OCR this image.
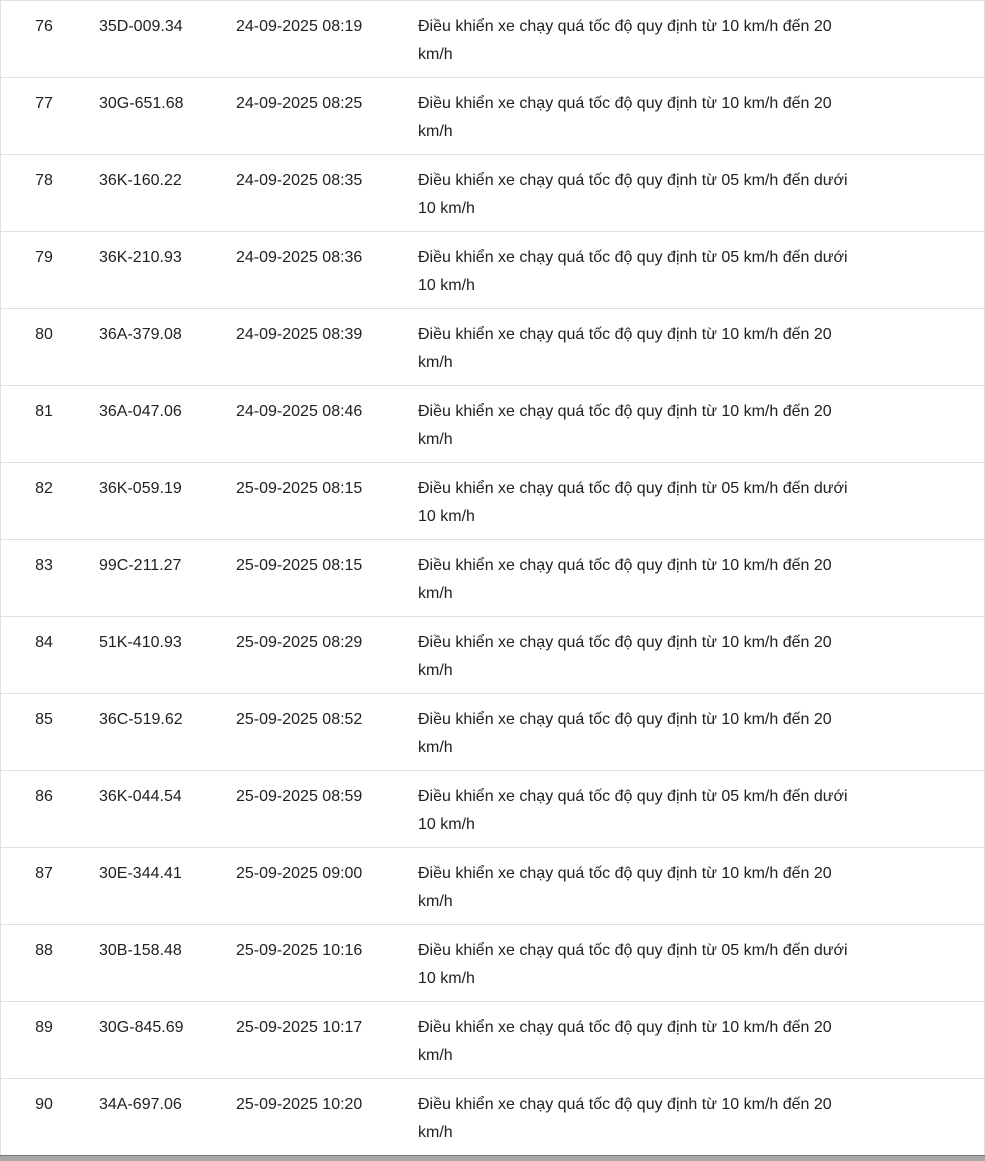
76	35D-009.34	24-09-2025 08:19	Điều khiển xe chạy quá tốc độ quy định từ 10 km/h đến 20
km/h

77	30G-651.68	24-09-2025 08:25	Điều khiển xe chạy quá tốc độ quy định từ 10 km/h đến 20
km/h

78	36K-160.22	24-09-2025 08:35	Điều khiển xe chạy quá tốc độ quy định từ 05 km/h đến dưới
10 km/h

79	36K-210.93	24-09-2025 08:36	Điều khiển xe chạy quá tốc độ quy định từ 05 km/h đến dưới
10 km/h

80	36A-379.08	24-09-2025 08:39	Điều khiển xe chạy quá tốc độ quy định từ 10 km/h đến 20
km/h

81	36A-047.06	24-09-2025 08:46	Điều khiển xe chạy quá tốc độ quy định từ 10 km/h đến 20
km/h

82	36K-059.19	25-09-2025 08:15	Điều khiển xe chạy quá tốc độ quy định từ 05 km/h đến dưới
10 km/h

83	99C-211.27	25-09-2025 08:15	Điều khiển xe chạy quá tốc độ quy định từ 10 km/h đến 20
km/h

84	51K-410.93	25-09-2025 08:29	Điều khiển xe chạy quá tốc độ quy định từ 10 km/h đến 20
km/h

85	36C-519.62	25-09-2025 08:52	Điều khiển xe chạy quá tốc độ quy định từ 10 km/h đến 20
km/h

86	36K-044.54	25-09-2025 08:59	Điều khiển xe chạy quá tốc độ quy định từ 05 km/h đến dưới
10 km/h

87	30E-344.41	25-09-2025 09:00	Điều khiển xe chạy quá tốc độ quy định từ 10 km/h đến 20
km/h

88	30B-158.48	25-09-2025 10:16	Điều khiển xe chạy quá tốc độ quy định từ 05 km/h đến dưới
10 km/h

89	30G-845.69	25-09-2025 10:17	Điều khiển xe chạy quá tốc độ quy định từ 10 km/h đến 20
km/h

90	34A-697.06	25-09-2025 10:20	Điều khiển xe chạy quá tốc độ quy định từ 10 km/h đến 20
km/h
